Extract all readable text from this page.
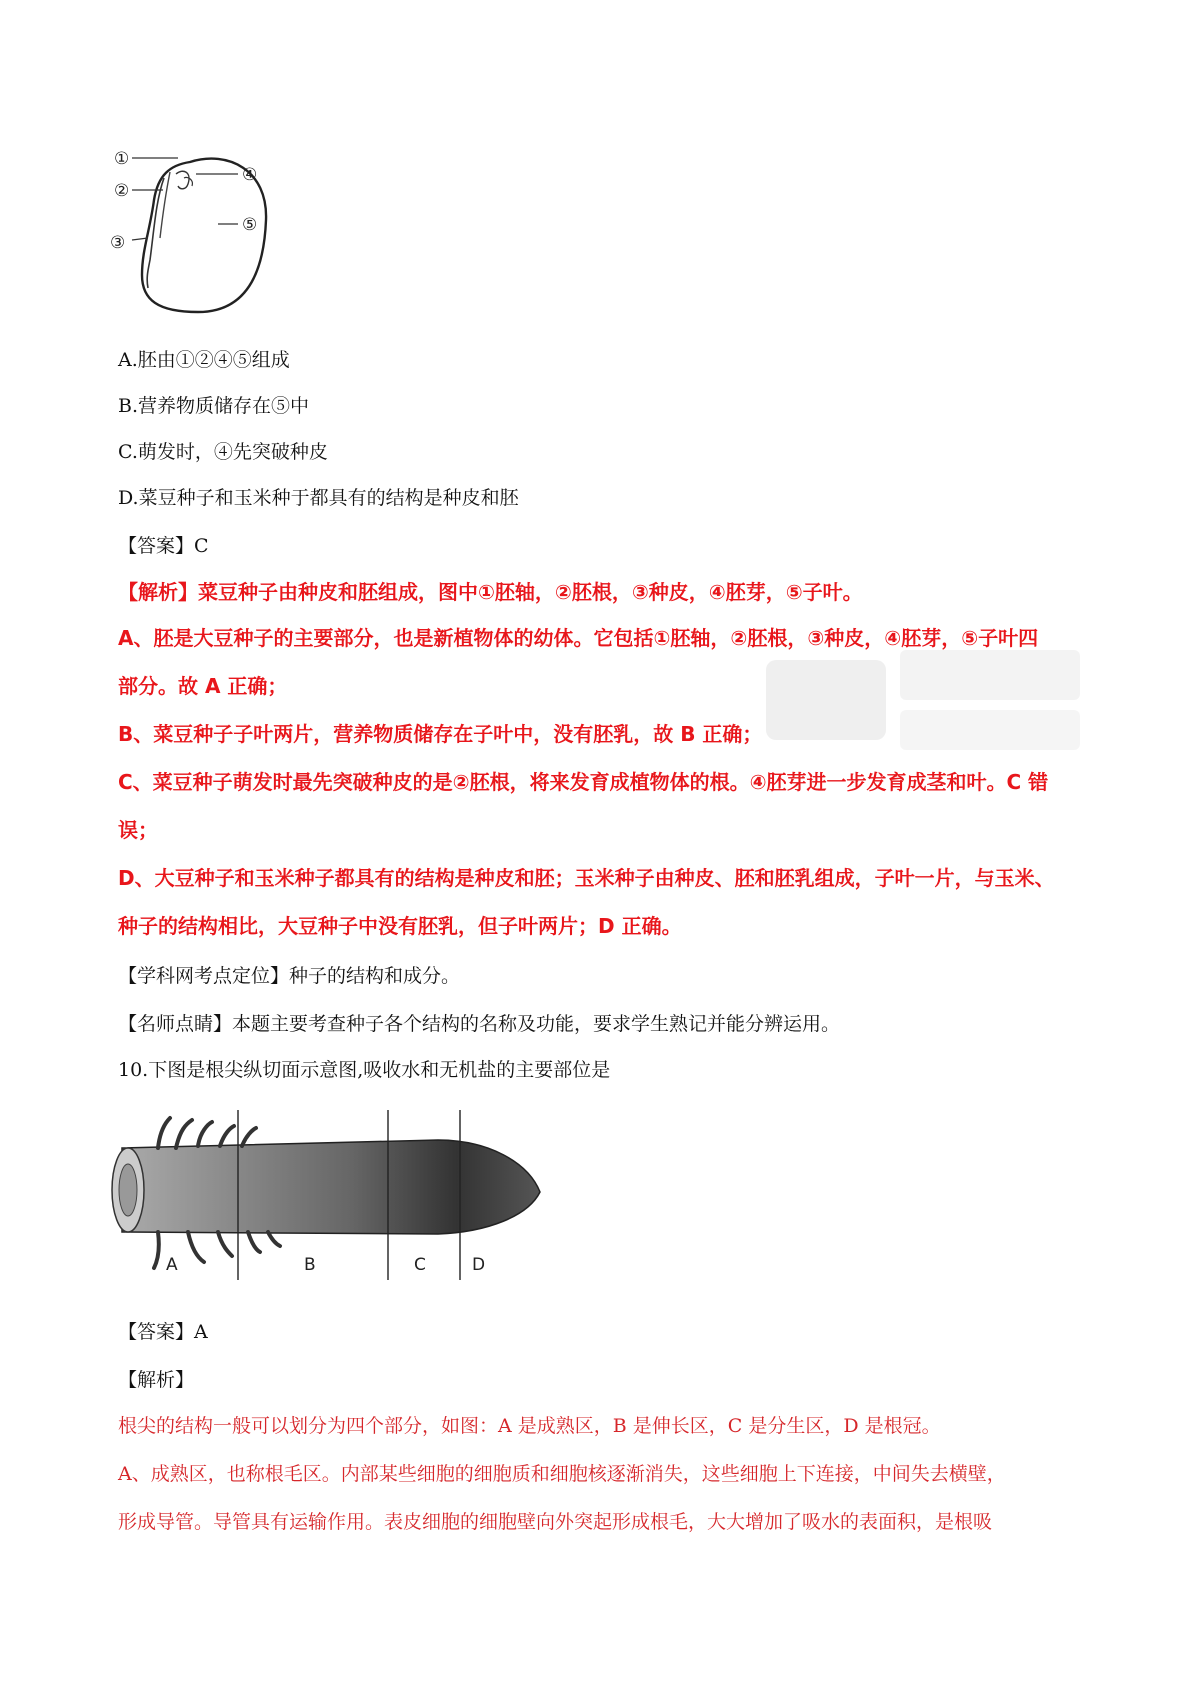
①
②
③
④
⑤
A.胚由①②④⑤组成
B.营养物质储存在⑤中
C.萌发时，④先突破种皮
D.菜豆种子和玉米种于都具有的结构是种皮和胚
【答案】C
【解析】菜豆种子由种皮和胚组成，图中①胚轴，②胚根，③种皮，④胚芽，⑤子叶。
A、胚是大豆种子的主要部分，也是新植物体的幼体。它包括①胚轴，②胚根，③种皮，④胚芽，⑤子叶四
部分。故 A 正确；
B、菜豆种子子叶两片，营养物质储存在子叶中，没有胚乳，故 B 正确；
C、菜豆种子萌发时最先突破种皮的是②胚根，将来发育成植物体的根。④胚芽进一步发育成茎和叶。C 错
误；
D、大豆种子和玉米种子都具有的结构是种皮和胚；玉米种子由种皮、胚和胚乳组成，子叶一片，与玉米、
种子的结构相比，大豆种子中没有胚乳，但子叶两片；D 正确。
【学科网考点定位】种子的结构和成分。
【名师点睛】本题主要考查种子各个结构的名称及功能，要求学生熟记并能分辨运用。
10.下图是根尖纵切面示意图,吸收水和无机盐的主要部位是
A	B	C	D
【答案】A
【解析】
根尖的结构一般可以划分为四个部分，如图：A 是成熟区，B 是伸长区，C 是分生区，D 是根冠。
A、成熟区，也称根毛区。内部某些细胞的细胞质和细胞核逐渐消失，这些细胞上下连接，中间失去横壁，
形成导管。导管具有运输作用。表皮细胞的细胞壁向外突起形成根毛，大大增加了吸水的表面积，是根吸
